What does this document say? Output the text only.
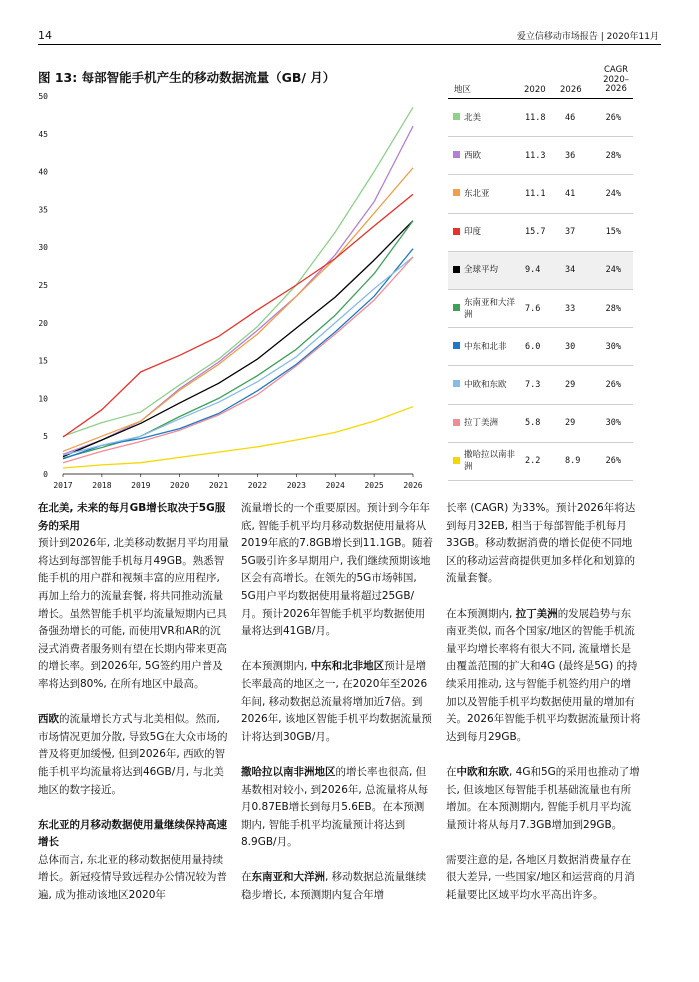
14	爱立信移动市场报告 | 2020年11月
图 13: 每部智能手机产生的移动数据流量（GB/ 月）
2017 2018 2019 2020 2021 2022 2023 2024 2025 2026
0
5
10
15
20
25
30
35
40
45
50
地区	2020 2026
CAGR
2020–
2026
北美	11.8 46	26%
西欧	11.3 36	28%
东北亚	11.1 41	24%
印度	15.7 37	15%
全球平均	9.4	34	24%
东南亚和大洋洲
7.6	33	28%
中东和北非	6.0	30	30%
中欧和东欧	7.3	29	26%
拉丁美洲	5.8	29	30%
撒哈拉以南非洲
2.2	8.9	26%

在北美, 未来的每月GB增长取决于5G服务的采用
预计到2026年, 北美移动数据月平均用量将达到每部智能手机每月49GB。熟悉智能手机的用户群和视频丰富的应用程序, 再加上给力的流量套餐, 将共同推动流量增长。虽然智能手机平均流量短期内已具备强劲增长的可能, 而使用VR和AR的沉浸式消费者服务则有望在长期内带来更高的增长率。到2026年, 5G签约用户普及率将达到80%, 在所有地区中最高。

西欧的流量增长方式与北美相似。然而, 市场情况更加分散, 导致5G在大众市场的普及将更加缓慢, 但到2026年, 西欧的智能手机平均流量将达到46GB/月, 与北美地区的数字接近。

东北亚的月移动数据使用量继续保持高速增长
总体而言, 东北亚的移动数据使用量持续增长。新冠疫情导致远程办公情况较为普遍, 成为推动该地区2020年

流量增长的一个重要原因。预计到今年年底, 智能手机平均月移动数据使用量将从2019年底的7.8GB增长到11.1GB。随着5G吸引许多早期用户, 我们继续预期该地区会有高增长。在领先的5G市场韩国, 5G用户平均数据使用量将超过25GB/月。预计2026年智能手机平均数据使用量将达到41GB/月。

在本预测期内, 中东和北非地区预计是增长率最高的地区之一, 在2020年至2026年间, 移动数据总流量将增加近7倍。到2026年, 该地区智能手机平均数据流量预计将达到30GB/月。

撒哈拉以南非洲地区的增长率也很高, 但基数相对较小, 到2026年, 总流量将从每月0.87EB增长到每月5.6EB。在本预测期内, 智能手机平均流量预计将达到8.9GB/月。

在东南亚和大洋洲, 移动数据总流量继续稳步增长, 本预测期内复合年增

长率 (CAGR) 为33%。预计2026年将达到每月32EB, 相当于每部智能手机每月33GB。移动数据消费的增长促使不同地区的移动运营商提供更加多样化和划算的流量套餐。

在本预测期内, 拉丁美洲的发展趋势与东南亚类似, 而各个国家/地区的智能手机流量平均增长率将有很大不同, 流量增长是由覆盖范围的扩大和4G (最终是5G) 的持续采用推动, 这与智能手机签约用户的增加以及智能手机平均数据使用量的增加有关。2026年智能手机平均数据流量预计将达到每月29GB。

在中欧和东欧, 4G和5G的采用也推动了增长, 但该地区每智能手机基础流量也有所增加。在本预测期内, 智能手机月平均流量预计将从每月7.3GB增加到29GB。

需要注意的是, 各地区月数据消费量存在很大差异, 一些国家/地区和运营商的月消耗量要比区域平均水平高出许多。
